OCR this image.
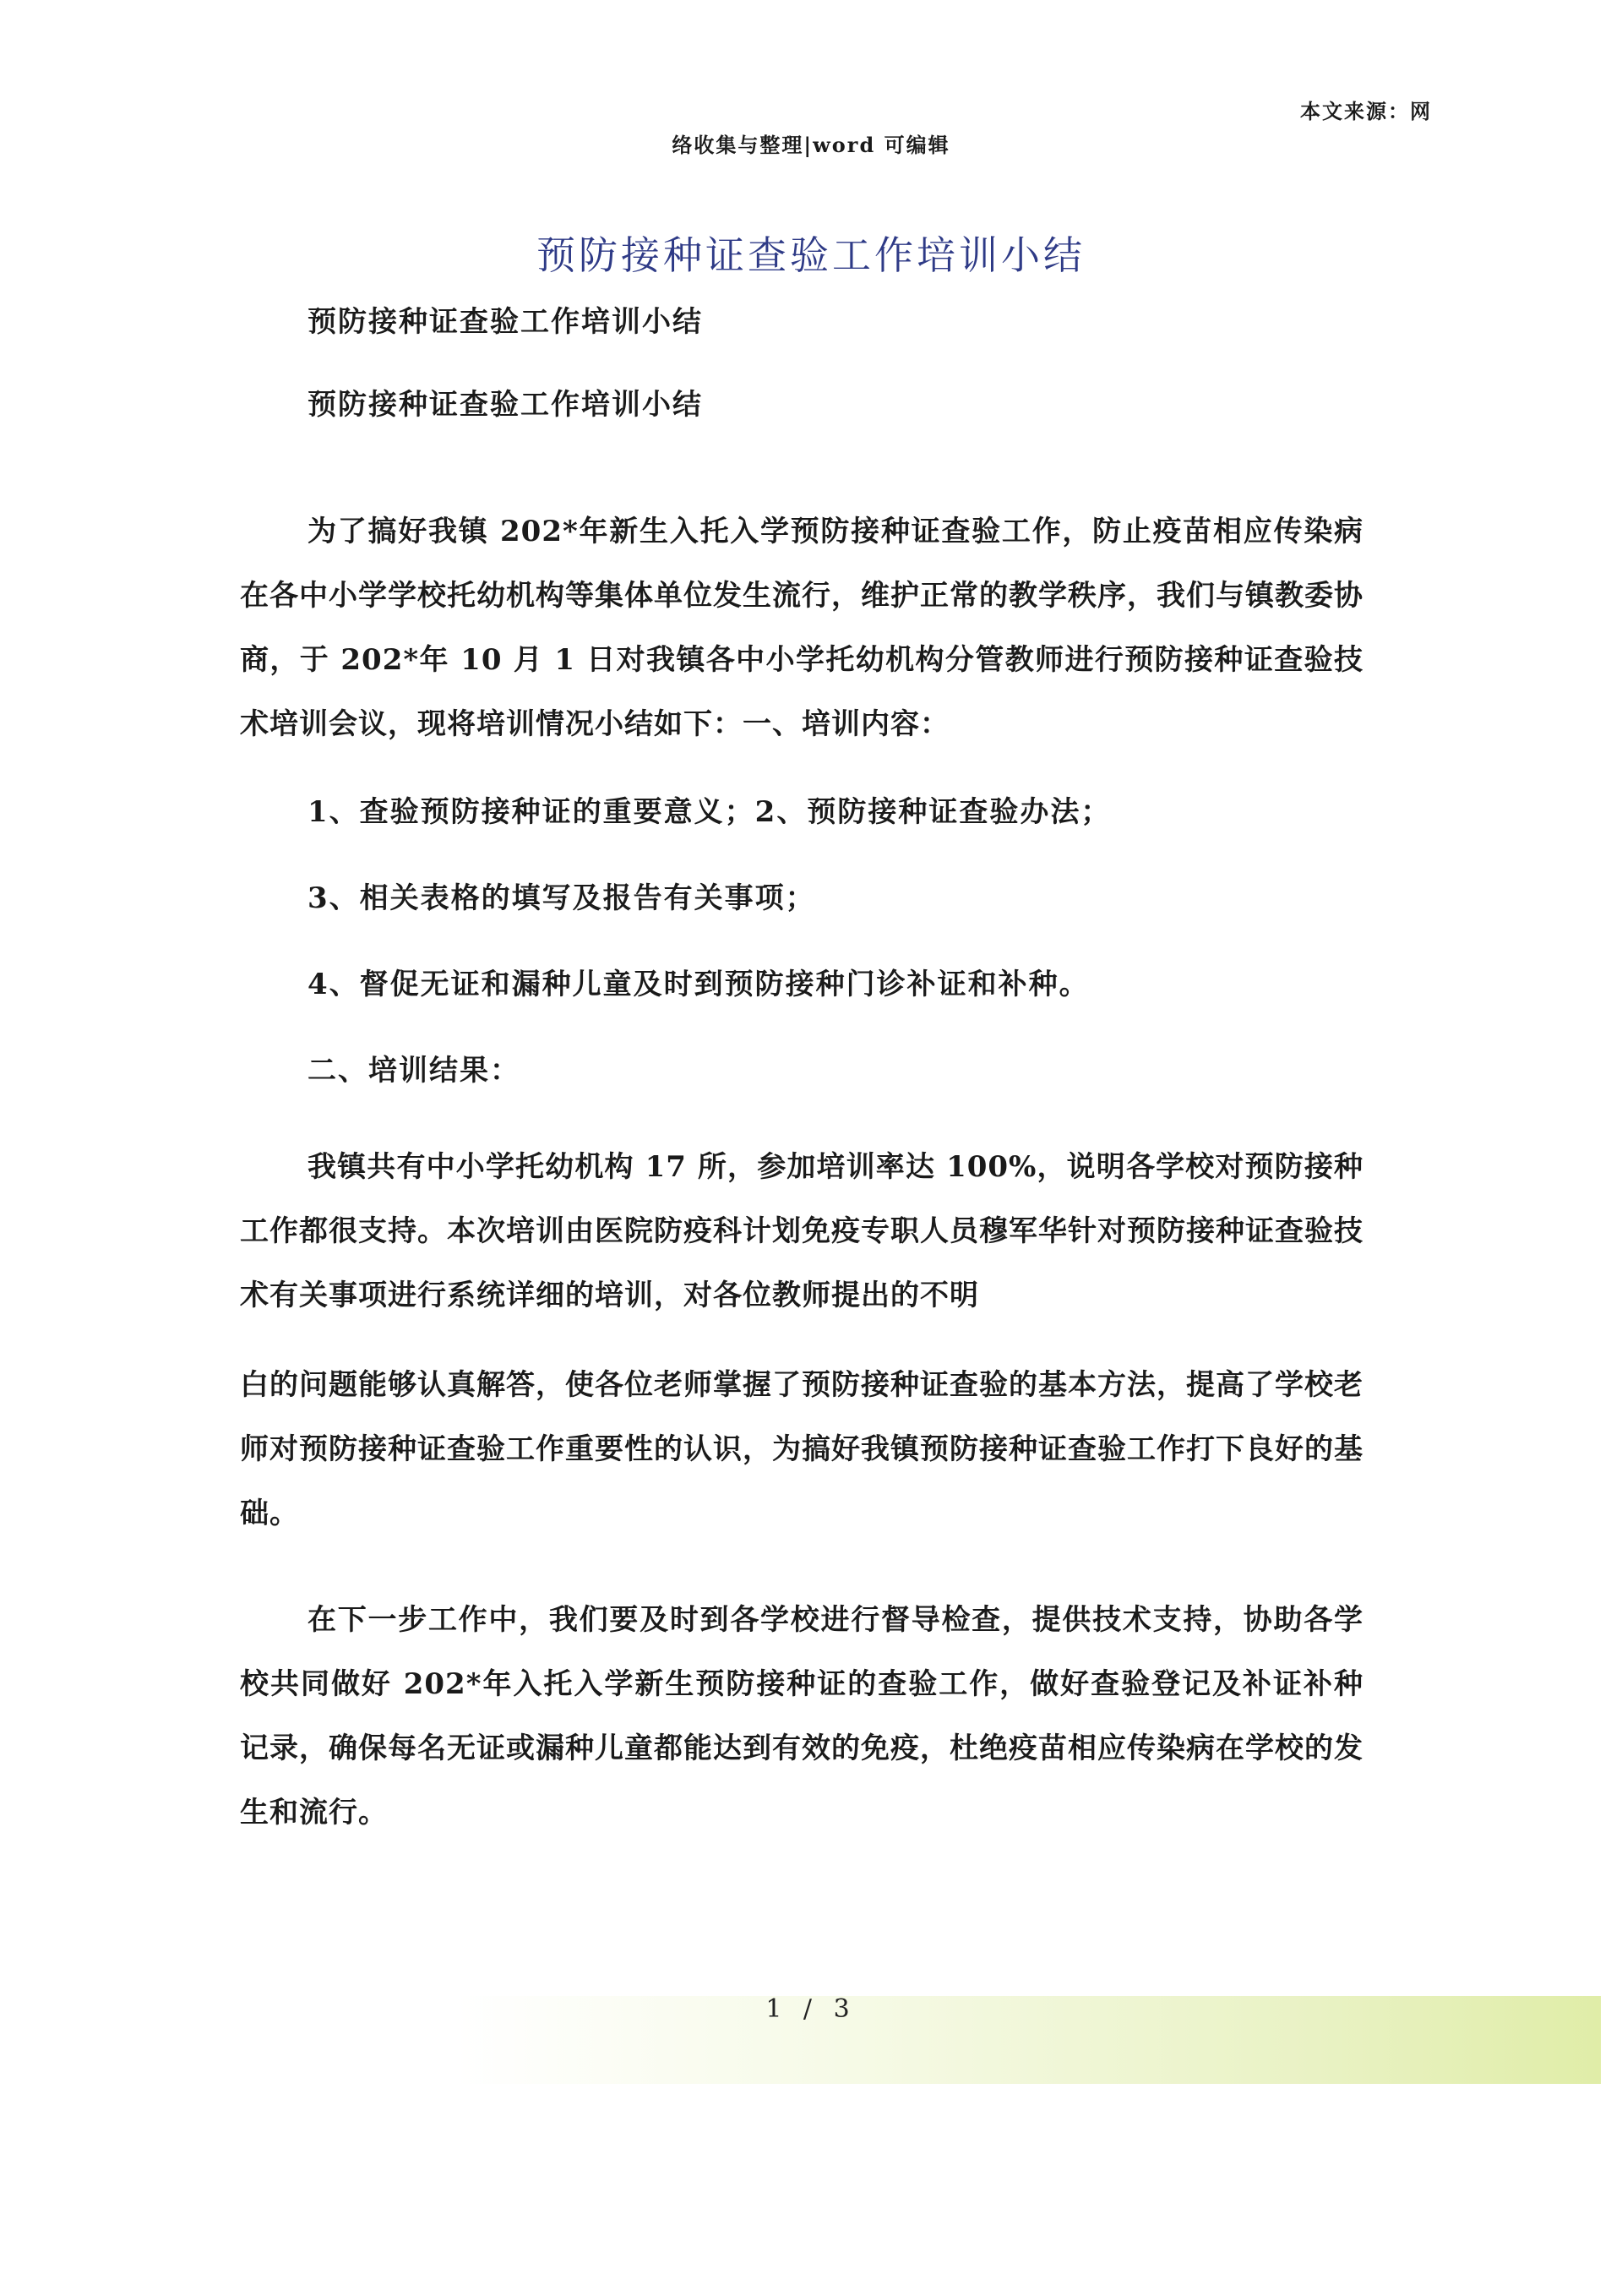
本文来源：网
络收集与整理|word 可编辑
预防接种证查验工作培训小结

预防接种证查验工作培训小结

预防接种证查验工作培训小结

为了搞好我镇 202*年新生入托入学预防接种证查验工作，防止疫苗相应传染病在各中小学学校托幼机构等集体单位发生流行，维护正常的教学秩序，我们与镇教委协商，于 202*年 10 月 1 日对我镇各中小学托幼机构分管教师进行预防接种证查验技术培训会议，现将培训情况小结如下：一、培训内容：

1、查验预防接种证的重要意义；2、预防接种证查验办法；

3、相关表格的填写及报告有关事项；

4、督促无证和漏种儿童及时到预防接种门诊补证和补种。

二、培训结果：

我镇共有中小学托幼机构 17 所，参加培训率达 100%，说明各学校对预防接种工作都很支持。本次培训由医院防疫科计划免疫专职人员穆军华针对预防接种证查验技术有关事项进行系统详细的培训，对各位教师提出的不明

白的问题能够认真解答，使各位老师掌握了预防接种证查验的基本方法，提高了学校老师对预防接种证查验工作重要性的认识，为搞好我镇预防接种证查验工作打下良好的基础。

在下一步工作中，我们要及时到各学校进行督导检查，提供技术支持，协助各学校共同做好 202*年入托入学新生预防接种证的查验工作，做好查验登记及补证补种记录，确保每名无证或漏种儿童都能达到有效的免疫，杜绝疫苗相应传染病在学校的发生和流行。

1 / 3
